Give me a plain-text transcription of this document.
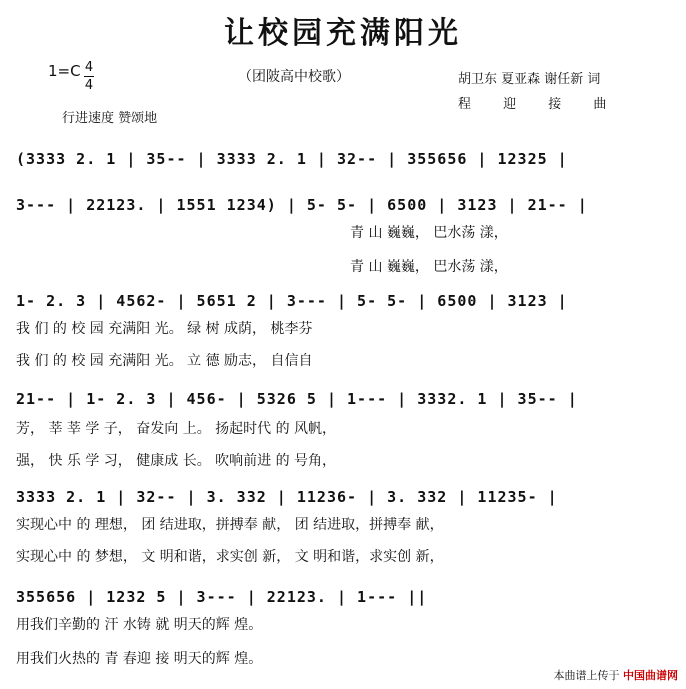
让校园充满阳光
1=C 4
4
（团陂高中校歌）	胡卫东 夏亚森 谢任新 词
程 迎 接 曲
行进速度 赞颂地
(3333 2. 1 | 35-- | 3333 2. 1 | 32-- | 355656 | 12325 |
3--- | 22123. | 1551 1234) | 5- 5- | 6500 | 3123 | 21-- |
青 山 巍巍， 巴水荡 漾，
青 山 巍巍， 巴水荡 漾，
1- 2. 3 | 4562- | 5651 2 | 3--- | 5- 5- | 6500 | 3123 |
我 们 的 校 园 充满阳 光。 绿 树 成荫， 桃李芬
我 们 的 校 园 充满阳 光。 立 德 励志， 自信自
21-- | 1- 2. 3 | 456- | 5326 5 | 1--- | 3332. 1 | 35-- |
芳， 莘 莘 学 子， 奋发向 上。 扬起时代 的 风帆，
强， 快 乐 学 习， 健康成 长。 吹响前进 的 号角，
3333 2. 1 | 32-- | 3. 332 | 11236- | 3. 332 | 11235- |
实现心中 的 理想， 团 结进取，拼搏奉 献， 团 结进取，拼搏奉 献，
实现心中 的 梦想， 文 明和谐，求实创 新， 文 明和谐，求实创 新，
355656 | 1232 5 | 3--- | 22123. | 1--- ||
用我们辛勤的 汗 水铸 就 明天的辉 煌。
用我们火热的 青 春迎 接 明天的辉 煌。
本曲谱上传于 中国曲谱网
